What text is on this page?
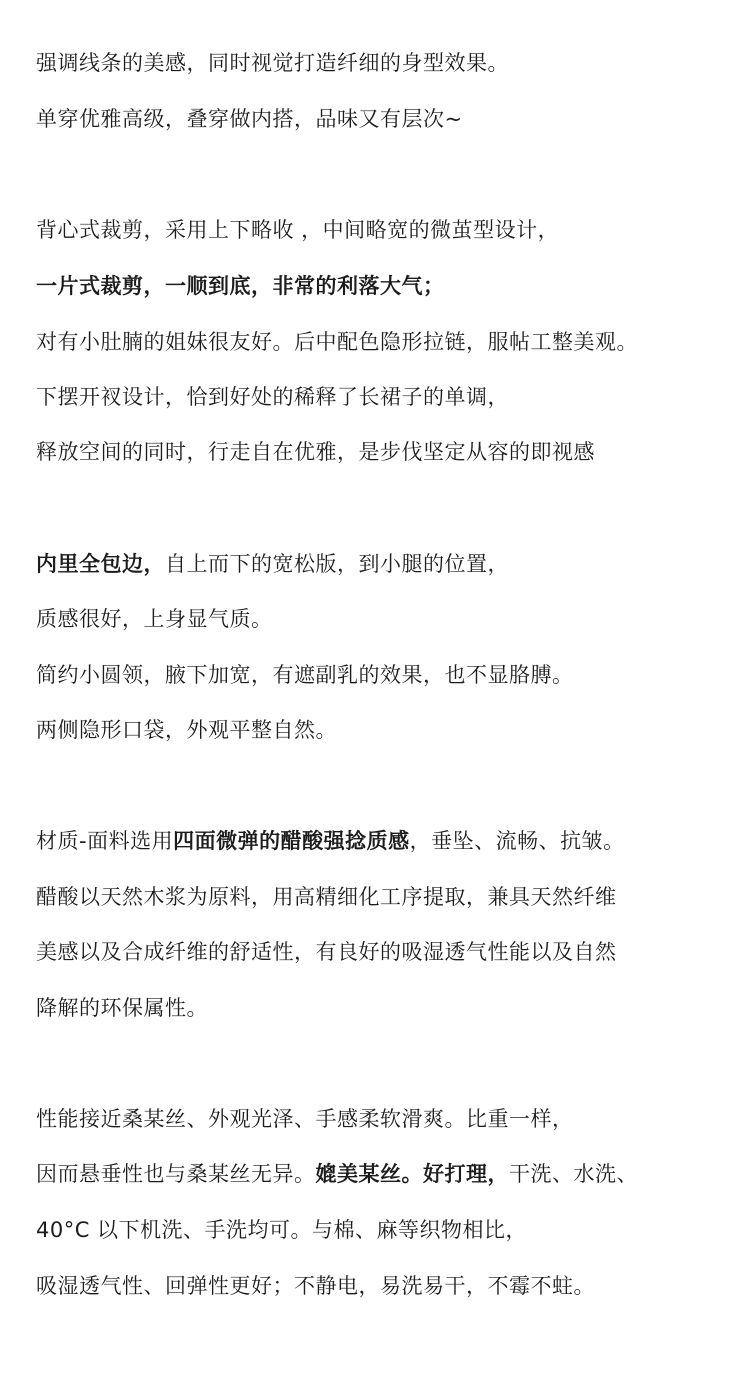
强调线条的美感，同时视觉打造纤细的身型效果。
单穿优雅高级，叠穿做内搭，品味又有层次~
背心式裁剪，采用上下略收 ，中间略宽的微茧型设计，
一片式裁剪，一顺到底，非常的利落大气；
对有小肚腩的姐妹很友好。后中配色隐形拉链，服帖工整美观。
下摆开衩设计，恰到好处的稀释了长裙子的单调，
释放空间的同时，行走自在优雅，是步伐坚定从容的即视感
内里全包边，自上而下的宽松版，到小腿的位置，
质感很好，上身显气质。
简约小圆领，腋下加宽，有遮副乳的效果，也不显胳膊。
两侧隐形口袋，外观平整自然。
材质-面料选用四面微弹的醋酸强捻质感，垂坠、流畅、抗皱。
醋酸以天然木浆为原料，用高精细化工序提取，兼具天然纤维
美感以及合成纤维的舒适性，有良好的吸湿透气性能以及自然
降解的环保属性。
性能接近桑某丝、外观光泽、手感柔软滑爽。比重一样，
因而悬垂性也与桑某丝无异。媲美某丝。好打理，干洗、水洗、
40°C 以下机洗、手洗均可。与棉、麻等织物相比，
吸湿透气性、回弹性更好；不静电，易洗易干，不霉不蛀。
